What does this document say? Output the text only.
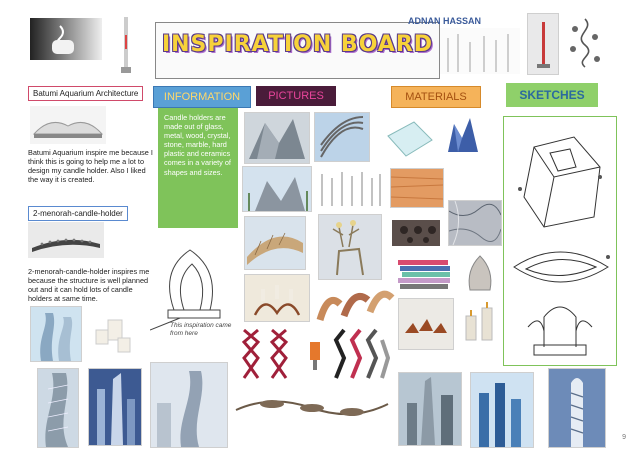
INSPIRATION BOARD
ADNAN HASSAN
Batumi Aquarium Architecture	INFORMATION	PICTURES	MATERIALS	SKETCHES
Batumi Aquarium inspire me because I think this is going to help me a lot to design my candle holder. Also I liked the way it is created.
2-menorah-candle-holder
2-menorah-candle-holder inspires me because the structure is well planned out and it can hold lots of candle holders at same time.
Candle holders are made out of glass, metal, wood, crystal, stone, marble, hard plastic and ceramics comes in a variety of shapes and sizes.
This inspiration came from here
9
